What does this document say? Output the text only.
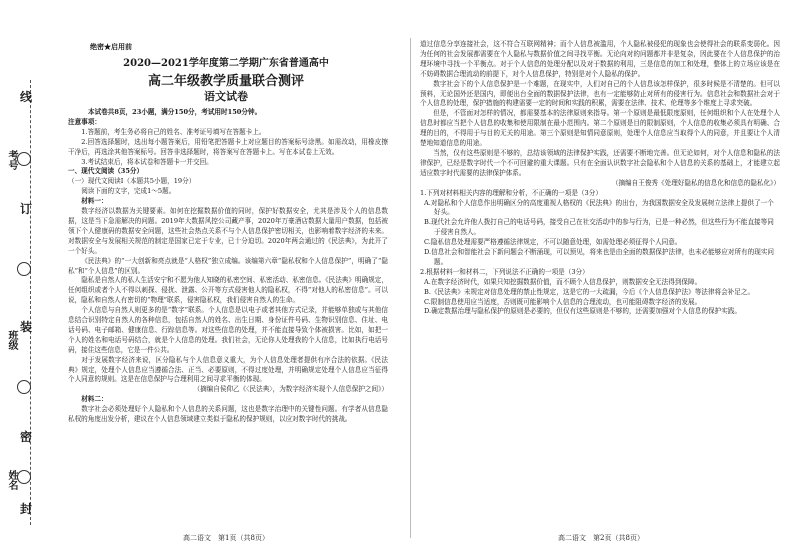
考号
班级
姓名
线
订
装
密
封
绝密★启用前
2020—2021学年度第二学期广东省普通高中
高二年级教学质量联合测评
语文试卷

本试卷共8页，23小题，满分150分，考试用时150分钟。

注意事项：

1.答题前，考生务必将自己的姓名、准考证号填写在答题卡上。

2.回答选择题时，选出每小题答案后，用铅笔把答题卡上对应题目的答案标号涂黑。如需改动，用橡皮擦干净后，再选涂其他答案标号。回答非选择题时，将答案写在答题卡上。写在本试卷上无效。

3.考试结束后，将本试卷和答题卡一并交回。

一、现代文阅读（35分）

（一）现代文阅读Ⅰ（本题共5小题，19分）

阅读下面的文字，完成1～5题。

材料一：

数字经济以数据为关键要素。如何在挖掘数据价值的同时，保护好数据安全，尤其是涉及个人的信息数据，这是当下急需解决的问题。2019年大数据风控公司藏产事，2020年万豪酒店数据大量用户数据，包括被领下个人健康码的数据安全问题，这些社会热点关系不与个人信息保护密切相关，也影响着数字经济的未来。对数据安全与发展相关规范的制定是国家已定于专业，已十分迫切。2020年两会通过的《民法典》，为此开了一个好头。

《民法典》的“一大创新和亮点就是“人格权”独立成编。该编第六章“隐私权和个人信息保护”，明确了“隐私”和“个人信息”的区别。

隐私是自然人的私人生活安宁和不愿为他人知晓的私密空间、私密活动、私密信息。《民法典》明确规定，任何组织或者个人不得以刺探、侵扰、泄露、公开等方式侵害他人的隐私权，不得“对他人的私密信息”。可以说，隐私和自然人有密切的“物理”联系，侵害隐私权，我们侵害自然人的生命。

个人信息与自然人则更多的是“数字”联系。个人信息是以电子或者其他方式记录，并能够单独或与其他信息结合识别特定自然人的各种信息，包括自然人的姓名、出生日期、身份证件号码、生物识别信息、住址、电话号码、电子邮箱、健康信息、行踪信息等。对这些信息的处理，并不能直接导致个体被损害。比如，如把一个人的姓名和电话号码结合，就是个人信息的处理。我们社会，无论你人处理我的个人信息，比如执行电话号码，接住这些信息，它是一件公共。

对于发展数字经济来说，区分隐私与个人信息意义重大，为个人信息处理者提供有序合法的依据。《民法典》规定，处理个人信息应当遵循合法、正当、必要原则，不得过度处理，并明确规定处理个人信息应当征得个人同意的规则。这是在信息保护与合理利用之间寻求平衡的体现。

（摘编自侯仰乙《〈民法典〉，为数字经济实现个人信息保护之间》）

材料二：

数字社会必须处理好个人隐私和个人信息的关系问题，这也是数字治理中的关键性问题。有学者从信息隐私权的角度出发分析，建议在个人信息领域建立类似于隐私的保护规则，以应对数字时代的挑战。

高二语文　第1页（共8页）

道过信息分享连接社会，这不符合互联网精神；而个人信息被滥用，个人隐私被侵犯的现象也会使得社会的联系变弱化。因为任何的社会发展都需要在个人隐私与数据价值之间寻找平衡。无论向对的问题都并非是复杂，因此要在个人信息保护的治理环境中寻找一个平衡点。对于个人信息的处理分配以及对于数据的利用，三是信息的加工和处理，整体上的立场应该是在不妨碍数据合理流动的前提下，对个人信息保护，特别是对个人隐私的保护。

数字社会下的个人信息保护是一个难题，在现实中，人们对自己的个人信息该怎样保护，很多时候是不清楚的。但可以预料，无论国外还是国内，即便出台全面的数据保护法律，也有一定能够防止对所有的侵害行为。信息社会和数据社会对于个人信息的处理，保护措施的构建需要一定的时间和实践的积累，需要在法律、技术、伦理等多个维度上寻求突破。

但是，不管面对怎样的情况，都需要基本的法律原则来指导。第一个原则是最低限度原则，任何组织和个人在处理个人信息时都应当把个人信息的收集和使用限制在最小范围内。第二个原则是目的限制原则，个人信息的收集必须具有明确、合理的目的，不得用于与目的无关的用途。第三个原则是知情同意原则，处理个人信息应当取得个人的同意，并且要让个人清楚地知道信息的用途。

当然，仅有这些原则是不够的，总结该领域的法律保护实践，还需要不断地完善。但无论如何，对个人信息和隐私的法律保护，已经是数字时代一个不可回避的重大课题。只有在全面认识数字社会隐私和个人信息的关系的基础上，才能建立起适应数字时代需要的法律保护体系。

（摘编自王俊秀《处理好隐私的信息化和信息的隐私化》）

1.下列对材料相关内容的理解和分析，不正确的一项是（3分）

A.对隐私和个人信息作出明确区分的高度重视人格权的《民法典》的出台，为我国数据安全及发展树立法律上提供了一个好头。

B.现代社会允许他人拨打自己的电话号码，接受自己在社交活动中的参与行为，已是一种必然，但这些行为不能直接等同于侵害自然人。

C.隐私信息处理需要严格遵循法律规定，不可以随意处理，如需处理必须征得个人同意。

D.信息社会和智能社会下新问题会不断涌现，可以预见，将来也是由全面的数据保护法律，也未必能够应对所有的现实问题。

2.根据材料一和材料二，下列说法不正确的一项是（3分）

A.在数字经济时代，如果只知挖掘数据价值，而不顾个人信息保护，则数据安全无法得到保障。

B.《民法典》未规定对信息处理的禁止性规定，这是它的一大疏漏，今后《个人信息保护法》等法律将会补足之。

C.限制信息使用应当适度，否则既可能影响个人信息的合理流动，也可能阻碍数字经济的发展。

D.确定数据治理与隐私保护的原则是必要的，但仅有这些原则是不够的，还需要加强对个人信息的保护实践。

高二语文　第2页（共8页）
